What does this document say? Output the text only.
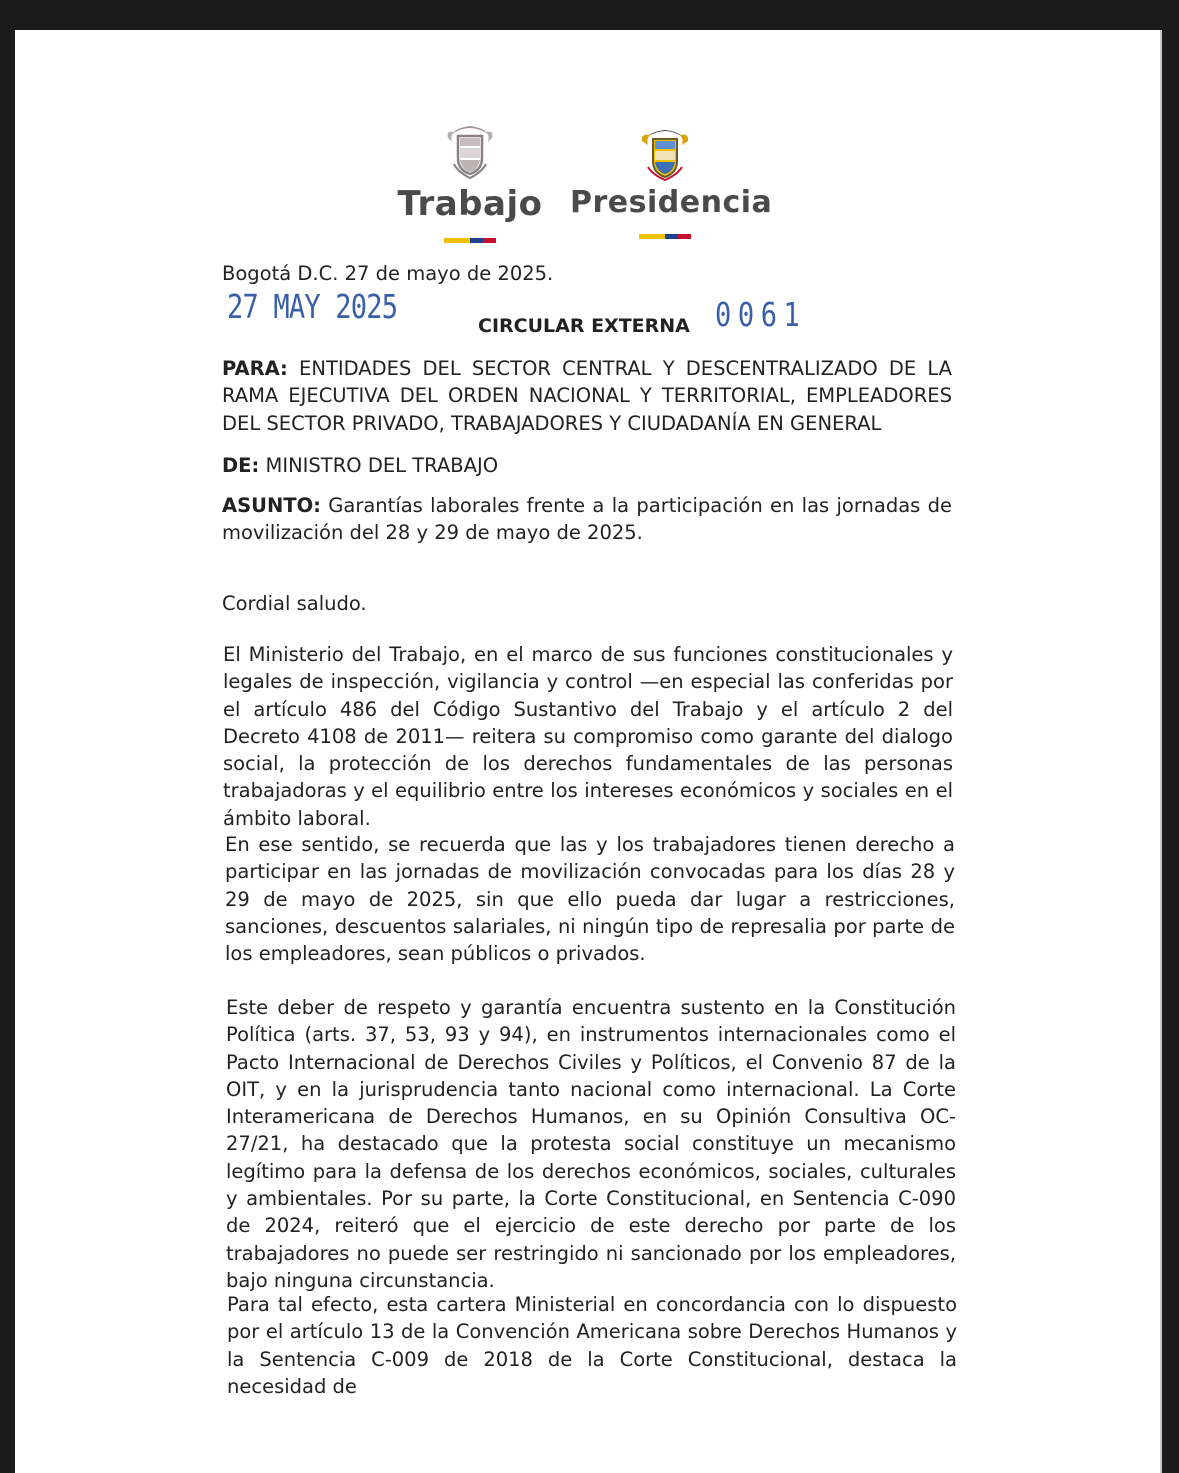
Trabajo Presidencia
Bogotá D.C. 27 de mayo de 2025.
27 MAY 2025	CIRCULAR EXTERNA 0061
PARA: ENTIDADES DEL SECTOR CENTRAL Y DESCENTRALIZADO DE LA RAMA EJECUTIVA DEL ORDEN NACIONAL Y TERRITORIAL, EMPLEADORES DEL SECTOR PRIVADO, TRABAJADORES Y CIUDADANÍA EN GENERAL
DE: MINISTRO DEL TRABAJO
ASUNTO: Garantías laborales frente a la participación en las jornadas de movilización del 28 y 29 de mayo de 2025.
Cordial saludo.
El Ministerio del Trabajo, en el marco de sus funciones constitucionales y legales de inspección, vigilancia y control —en especial las conferidas por el artículo 486 del Código Sustantivo del Trabajo y el artículo 2 del Decreto 4108 de 2011— reitera su compromiso como garante del dialogo social, la protección de los derechos fundamentales de las personas trabajadoras y el equilibrio entre los intereses económicos y sociales en el ámbito laboral.
En ese sentido, se recuerda que las y los trabajadores tienen derecho a participar en las jornadas de movilización convocadas para los días 28 y 29 de mayo de 2025, sin que ello pueda dar lugar a restricciones, sanciones, descuentos salariales, ni ningún tipo de represalia por parte de los empleadores, sean públicos o privados.
Este deber de respeto y garantía encuentra sustento en la Constitución Política (arts. 37, 53, 93 y 94), en instrumentos internacionales como el Pacto Internacional de Derechos Civiles y Políticos, el Convenio 87 de la OIT, y en la jurisprudencia tanto nacional como internacional. La Corte Interamericana de Derechos Humanos, en su Opinión Consultiva OC-27/21, ha destacado que la protesta social constituye un mecanismo legítimo para la defensa de los derechos económicos, sociales, culturales y ambientales. Por su parte, la Corte Constitucional, en Sentencia C-090 de 2024, reiteró que el ejercicio de este derecho por parte de los trabajadores no puede ser restringido ni sancionado por los empleadores, bajo ninguna circunstancia.
Para tal efecto, esta cartera Ministerial en concordancia con lo dispuesto por el artículo 13 de la Convención Americana sobre Derechos Humanos y la Sentencia C-009 de 2018 de la Corte Constitucional, destaca la necesidad de
